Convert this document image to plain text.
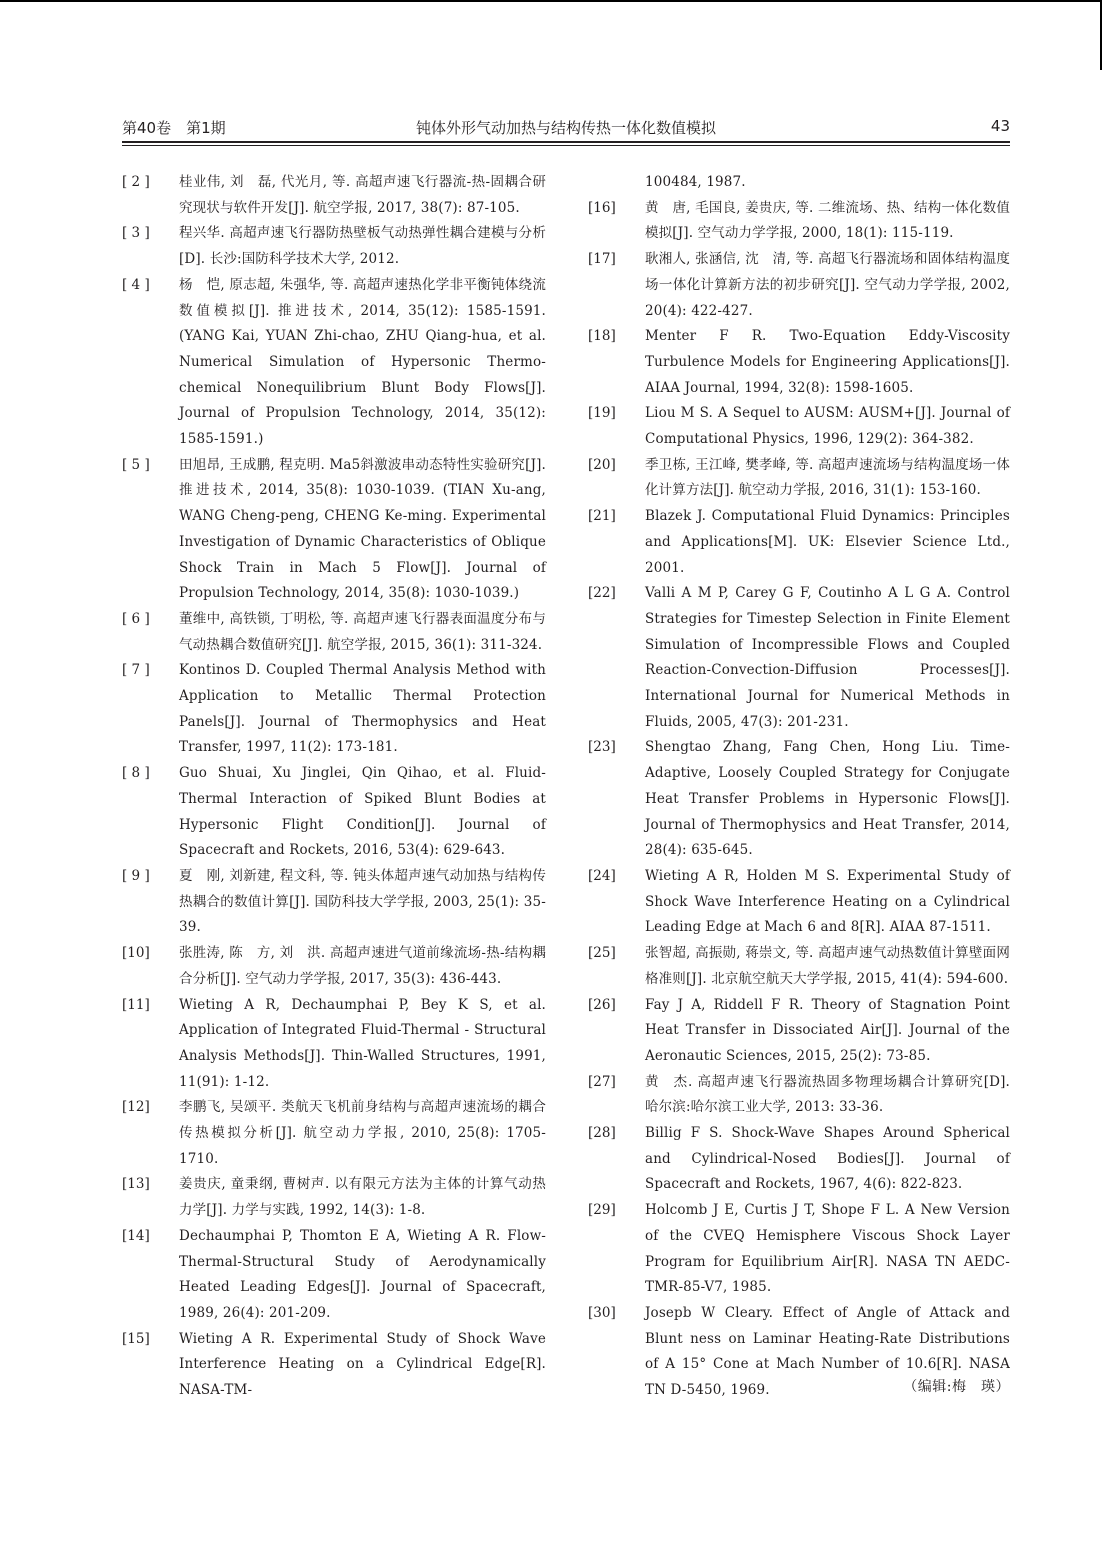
第40卷　第1期	钝体外形气动加热与结构传热一体化数值模拟	43
[ 2 ]	桂业伟, 刘　磊, 代光月, 等. 高超声速飞行器流-热-固耦合研究现状与软件开发[J]. 航空学报, 2017, 38(7): 87-105.
[ 3 ]	程兴华. 高超声速飞行器防热壁板气动热弹性耦合建模与分析[D]. 长沙:国防科学技术大学, 2012.
[ 4 ]	杨　恺, 原志超, 朱强华, 等. 高超声速热化学非平衡钝体绕流数值模拟[J]. 推进技术, 2014, 35(12): 1585-1591. (YANG Kai, YUAN Zhi-chao, ZHU Qiang-hua, et al. Numerical Simulation of Hypersonic Thermo-chemical Nonequilibrium Blunt Body Flows[J]. Journal of Propulsion Technology, 2014, 35(12): 1585-1591.)
[ 5 ]	田旭昂, 王成鹏, 程克明. Ma5斜激波串动态特性实验研究[J]. 推进技术, 2014, 35(8): 1030-1039. (TIAN Xu-ang, WANG Cheng-peng, CHENG Ke-ming. Experimental Investigation of Dynamic Characteristics of Oblique Shock Train in Mach 5 Flow[J]. Journal of Propulsion Technology, 2014, 35(8): 1030-1039.)
[ 6 ]	董维中, 高铁锁, 丁明松, 等. 高超声速飞行器表面温度分布与气动热耦合数值研究[J]. 航空学报, 2015, 36(1): 311-324.
[ 7 ]	Kontinos D. Coupled Thermal Analysis Method with Application to Metallic Thermal Protection Panels[J]. Journal of Thermophysics and Heat Transfer, 1997, 11(2): 173-181.
[ 8 ]	Guo Shuai, Xu Jinglei, Qin Qihao, et al. Fluid-Thermal Interaction of Spiked Blunt Bodies at Hypersonic Flight Condition[J]. Journal of Spacecraft and Rockets, 2016, 53(4): 629-643.
[ 9 ]	夏　刚, 刘新建, 程文科, 等. 钝头体超声速气动加热与结构传热耦合的数值计算[J]. 国防科技大学学报, 2003, 25(1): 35-39.
[10]	张胜涛, 陈　方, 刘　洪. 高超声速进气道前缘流场-热-结构耦合分析[J]. 空气动力学学报, 2017, 35(3): 436-443.
[11]	Wieting A R, Dechaumphai P, Bey K S, et al. Application of Integrated Fluid-Thermal - Structural Analysis Methods[J]. Thin-Walled Structures, 1991, 11(91): 1-12.
[12]	李鹏飞, 吴颂平. 类航天飞机前身结构与高超声速流场的耦合传热模拟分析[J]. 航空动力学报, 2010, 25(8): 1705-1710.
[13]	姜贵庆, 童秉纲, 曹树声. 以有限元方法为主体的计算气动热力学[J]. 力学与实践, 1992, 14(3): 1-8.
[14]	Dechaumphai P, Thomton E A, Wieting A R. Flow-Thermal-Structural Study of Aerodynamically Heated Leading Edges[J]. Journal of Spacecraft, 1989, 26(4): 201-209.
[15]	Wieting A R. Experimental Study of Shock Wave Interference Heating on a Cylindrical Edge[R]. NASA-TM-
100484, 1987.
[16]	黄　唐, 毛国良, 姜贵庆, 等. 二维流场、热、结构一体化数值模拟[J]. 空气动力学学报, 2000, 18(1): 115-119.
[17]	耿湘人, 张涵信, 沈　清, 等. 高超飞行器流场和固体结构温度场一体化计算新方法的初步研究[J]. 空气动力学学报, 2002, 20(4): 422-427.
[18]	Menter F R. Two-Equation Eddy-Viscosity Turbulence Models for Engineering Applications[J]. AIAA Journal, 1994, 32(8): 1598-1605.
[19]	Liou M S. A Sequel to AUSM: AUSM+[J]. Journal of Computational Physics, 1996, 129(2): 364-382.
[20]	季卫栋, 王江峰, 樊孝峰, 等. 高超声速流场与结构温度场一体化计算方法[J]. 航空动力学报, 2016, 31(1): 153-160.
[21]	Blazek J. Computational Fluid Dynamics: Principles and Applications[M]. UK: Elsevier Science Ltd., 2001.
[22]	Valli A M P, Carey G F, Coutinho A L G A. Control Strategies for Timestep Selection in Finite Element Simulation of Incompressible Flows and Coupled Reaction-Convection-Diffusion Processes[J]. International Journal for Numerical Methods in Fluids, 2005, 47(3): 201-231.
[23]	Shengtao Zhang, Fang Chen, Hong Liu. Time-Adaptive, Loosely Coupled Strategy for Conjugate Heat Transfer Problems in Hypersonic Flows[J]. Journal of Thermophysics and Heat Transfer, 2014, 28(4): 635-645.
[24]	Wieting A R, Holden M S. Experimental Study of Shock Wave Interference Heating on a Cylindrical Leading Edge at Mach 6 and 8[R]. AIAA 87-1511.
[25]	张智超, 高振勋, 蒋崇文, 等. 高超声速气动热数值计算壁面网格准则[J]. 北京航空航天大学学报, 2015, 41(4): 594-600.
[26]	Fay J A, Riddell F R. Theory of Stagnation Point Heat Transfer in Dissociated Air[J]. Journal of the Aeronautic Sciences, 2015, 25(2): 73-85.
[27]	黄　杰. 高超声速飞行器流热固多物理场耦合计算研究[D]. 哈尔滨:哈尔滨工业大学, 2013: 33-36.
[28]	Billig F S. Shock-Wave Shapes Around Spherical and Cylindrical-Nosed Bodies[J]. Journal of Spacecraft and Rockets, 1967, 4(6): 822-823.
[29]	Holcomb J E, Curtis J T, Shope F L. A New Version of the CVEQ Hemisphere Viscous Shock Layer Program for Equilibrium Air[R]. NASA TN AEDC-TMR-85-V7, 1985.
[30]	Josepb W Cleary. Effect of Angle of Attack and Blunt ness on Laminar Heating-Rate Distributions of A 15° Cone at Mach Number of 10.6[R]. NASA TN D-5450, 1969.	（编辑:梅　瑛）
